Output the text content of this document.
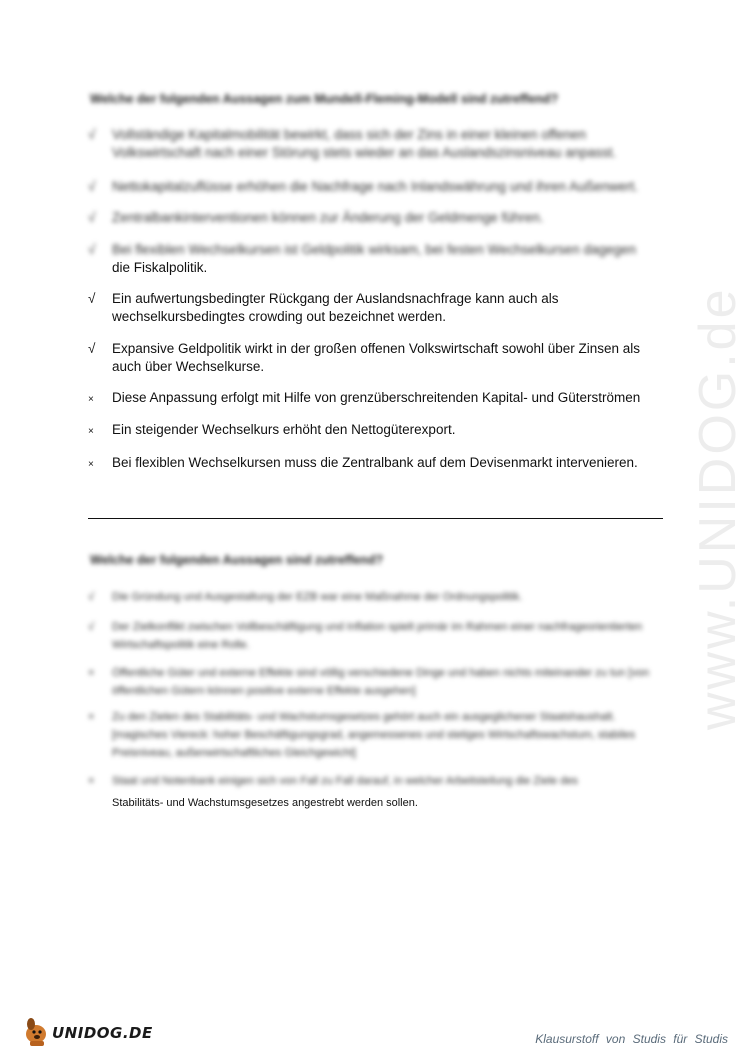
www.UNIDOG.de
Welche der folgenden Aussagen zum Mundell-Fleming-Modell sind zutreffend?
√	Vollständige Kapitalmobilität bewirkt, dass sich der Zins in einer kleinen offenen Volkswirtschaft nach einer Störung stets wieder an das Auslandszinsniveau anpasst.
√	Nettokapitalzuflüsse erhöhen die Nachfrage nach Inlandswährung und ihren Außenwert.
√	Zentralbankinterventionen können zur Änderung der Geldmenge führen.
√	Bei flexiblen Wechselkursen ist Geldpolitik wirksam, bei festen Wechselkursen dagegen
die Fiskalpolitik.
√	Ein aufwertungsbedingter Rückgang der Auslandsnachfrage kann auch als wechselkursbedingtes crowding out bezeichnet werden.
√	Expansive Geldpolitik wirkt in der großen offenen Volkswirtschaft sowohl über Zinsen als auch über Wechselkurse.
×	Diese Anpassung erfolgt mit Hilfe von grenzüberschreitenden Kapital- und Güterströmen
×	Ein steigender Wechselkurs erhöht den Nettogüterexport.
×	Bei flexiblen Wechselkursen muss die Zentralbank auf dem Devisenmarkt intervenieren.
Welche der folgenden Aussagen sind zutreffend?
√	Die Gründung und Ausgestaltung der EZB war eine Maßnahme der Ordnungspolitik.
√	Der Zielkonflikt zwischen Vollbeschäftigung und Inflation spielt primär im Rahmen einer nachfrageorientierten Wirtschaftspolitik eine Rolle.
×	Öffentliche Güter und externe Effekte sind völlig verschiedene Dinge und haben nichts miteinander zu tun [von öffentlichen Gütern können positive externe Effekte ausgehen]
×	Zu den Zielen des Stabilitäts- und Wachstumsgesetzes gehört auch ein ausgeglichener Staatshaushalt. [magisches Viereck: hoher Beschäftigungsgrad, angemessenes und stetiges Wirtschaftswachstum, stabiles Preisniveau, außenwirtschaftliches Gleichgewicht]
×	Staat und Notenbank einigen sich von Fall zu Fall darauf, in welcher Arbeitsteilung die Ziele des
Stabilitäts- und Wachstumsgesetzes angestrebt werden sollen.
UNIDOG.DE	Klausurstoff von Studis für Studis
